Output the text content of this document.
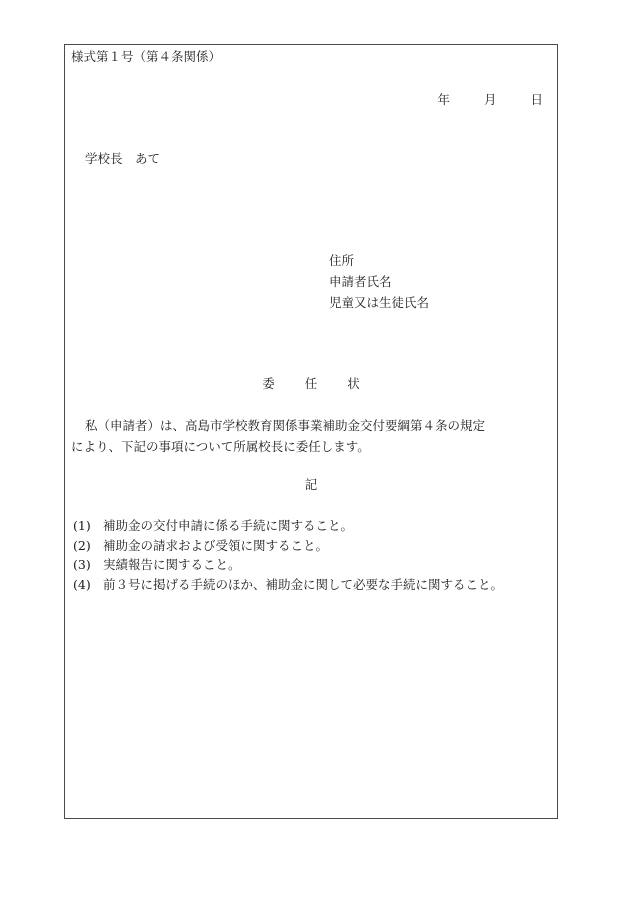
様式第１号（第４条関係）
年	月	日
学校長　あて
住所
申請者氏名
児童又は生徒氏名
委 任 状
私（申請者）は、高島市学校教育関係事業補助金交付要綱第４条の規定
により、下記の事項について所属校長に委任します。
記
(1) 補助金の交付申請に係る手続に関すること。
(2) 補助金の請求および受領に関すること。
(3) 実績報告に関すること。
(4) 前３号に掲げる手続のほか、補助金に関して必要な手続に関すること。
